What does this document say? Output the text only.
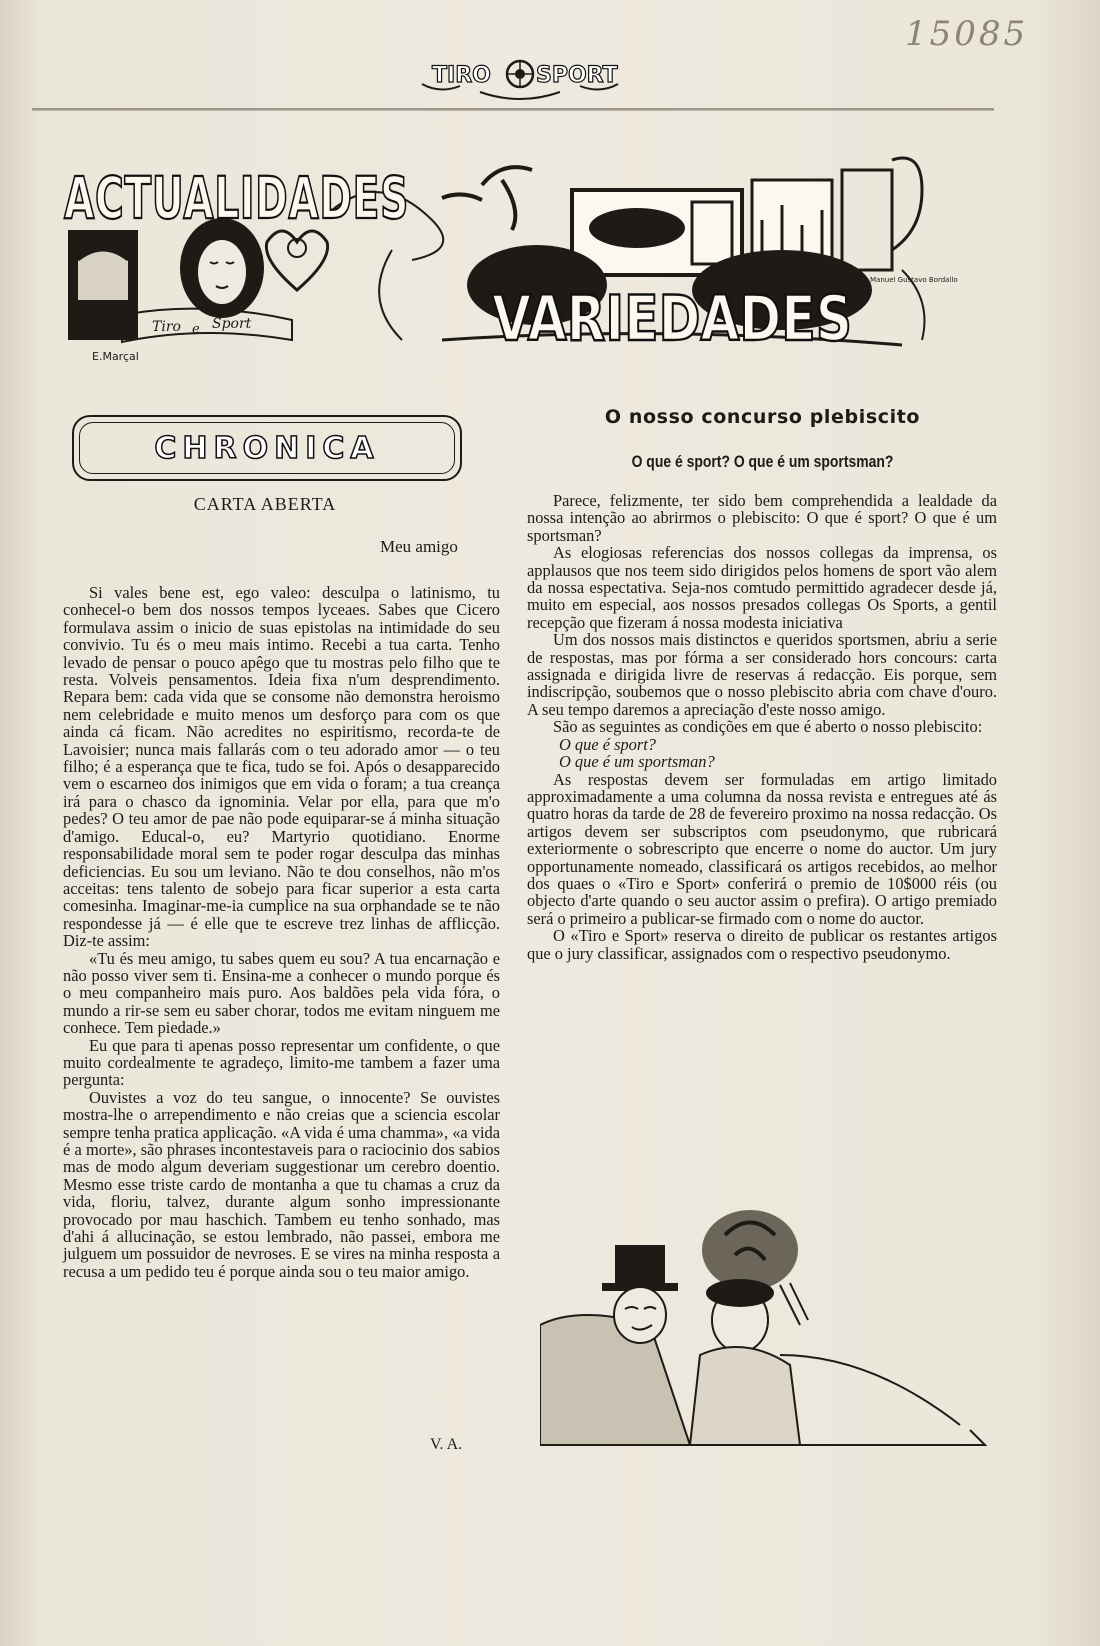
15085
TIRO SPORT
ACTUALIDADES
VARIEDADES
Tiro e Sport
E.Marçal
Manuel Gustavo Bordallo
CHRONICA
CARTA ABERTA
Meu amigo

Si vales bene est, ego valeo: desculpa o latinismo, tu conhecel-o bem dos nossos tempos lyceaes. Sabes que Cicero formulava assim o inicio de suas epistolas na intimidade do seu convivio. Tu és o meu mais intimo. Recebi a tua carta. Tenho levado de pensar o pouco apêgo que tu mostras pelo filho que te resta. Volveis pensamentos. Ideia fixa n'um desprendimento. Repara bem: cada vida que se consome não demonstra heroismo nem celebridade e muito menos um desforço para com os que ainda cá ficam. Não acredites no espiritismo, recorda-te de Lavoisier; nunca mais fallarás com o teu adorado amor — o teu filho; é a esperança que te fica, tudo se foi. Após o desapparecido vem o escarneo dos inimigos que em vida o foram; a tua creança irá para o chasco da ignominia. Velar por ella, para que m'o pedes? O teu amor de pae não pode equiparar-se á minha situação d'amigo. Educal-o, eu? Martyrio quotidiano. Enorme responsabilidade moral sem te poder rogar desculpa das minhas deficiencias. Eu sou um leviano. Não te dou conselhos, não m'os acceitas: tens talento de sobejo para ficar superior a esta carta comesinha. Imaginar-me-ia cumplice na sua orphandade se te não respondesse já — é elle que te escreve trez linhas de afflicção. Diz-te assim:

«Tu és meu amigo, tu sabes quem eu sou? A tua encarnação e não posso viver sem ti. Ensina-me a conhecer o mundo porque és o meu companheiro mais puro. Aos baldões pela vida fóra, o mundo a rir-se sem eu saber chorar, todos me evitam ninguem me conhece. Tem piedade.»

Eu que para ti apenas posso representar um confidente, o que muito cordealmente te agradeço, limito-me tambem a fazer uma pergunta:

Ouvistes a voz do teu sangue, o innocente? Se ouvistes mostra-lhe o arrependimento e não creias que a sciencia escolar sempre tenha pratica applicação. «A vida é uma chamma», «a vida é a morte», são phrases incontestaveis para o raciocinio dos sabios mas de modo algum deveriam suggestionar um cerebro doentio. Mesmo esse triste cardo de montanha a que tu chamas a cruz da vida, floriu, talvez, durante algum sonho impressionante provocado por mau haschich. Tambem eu tenho sonhado, mas d'ahi á allucinação, se estou lembrado, não passei, embora me julguem um possuidor de nevroses. E se vires na minha resposta a recusa a um pedido teu é porque ainda sou o teu maior amigo.

V. A.
O nosso concurso plebiscito
O que é sport? O que é um sportsman?

Parece, felizmente, ter sido bem comprehendida a lealdade da nossa intenção ao abrirmos o plebiscito: O que é sport? O que é um sportsman?

As elogiosas referencias dos nossos collegas da imprensa, os applausos que nos teem sido dirigidos pelos homens de sport vão alem da nossa espectativa. Seja-nos comtudo permittido agradecer desde já, muito em especial, aos nossos presados collegas Os Sports, a gentil recepção que fizeram á nossa modesta iniciativa

Um dos nossos mais distinctos e queridos sportsmen, abriu a serie de respostas, mas por fórma a ser considerado hors concours: carta assignada e dirigida livre de reservas á redacção. Eis porque, sem indiscripção, soubemos que o nosso plebiscito abria com chave d'ouro. A seu tempo daremos a apreciação d'este nosso amigo.

São as seguintes as condições em que é aberto o nosso plebiscito:

O que é sport?

O que é um sportsman?

As respostas devem ser formuladas em artigo limitado approximadamente a uma columna da nossa revista e entregues até ás quatro horas da tarde de 28 de fevereiro proximo na nossa redacção. Os artigos devem ser subscriptos com pseudonymo, que rubricará exteriormente o sobrescripto que encerre o nome do auctor. Um jury opportunamente nomeado, classificará os artigos recebidos, ao melhor dos quaes o «Tiro e Sport» conferirá o premio de 10$000 réis (ou objecto d'arte quando o seu auctor assim o prefira). O artigo premiado será o primeiro a publicar-se firmado com o nome do auctor.

O «Tiro e Sport» reserva o direito de publicar os restantes artigos que o jury classificar, assignados com o respectivo pseudonymo.
